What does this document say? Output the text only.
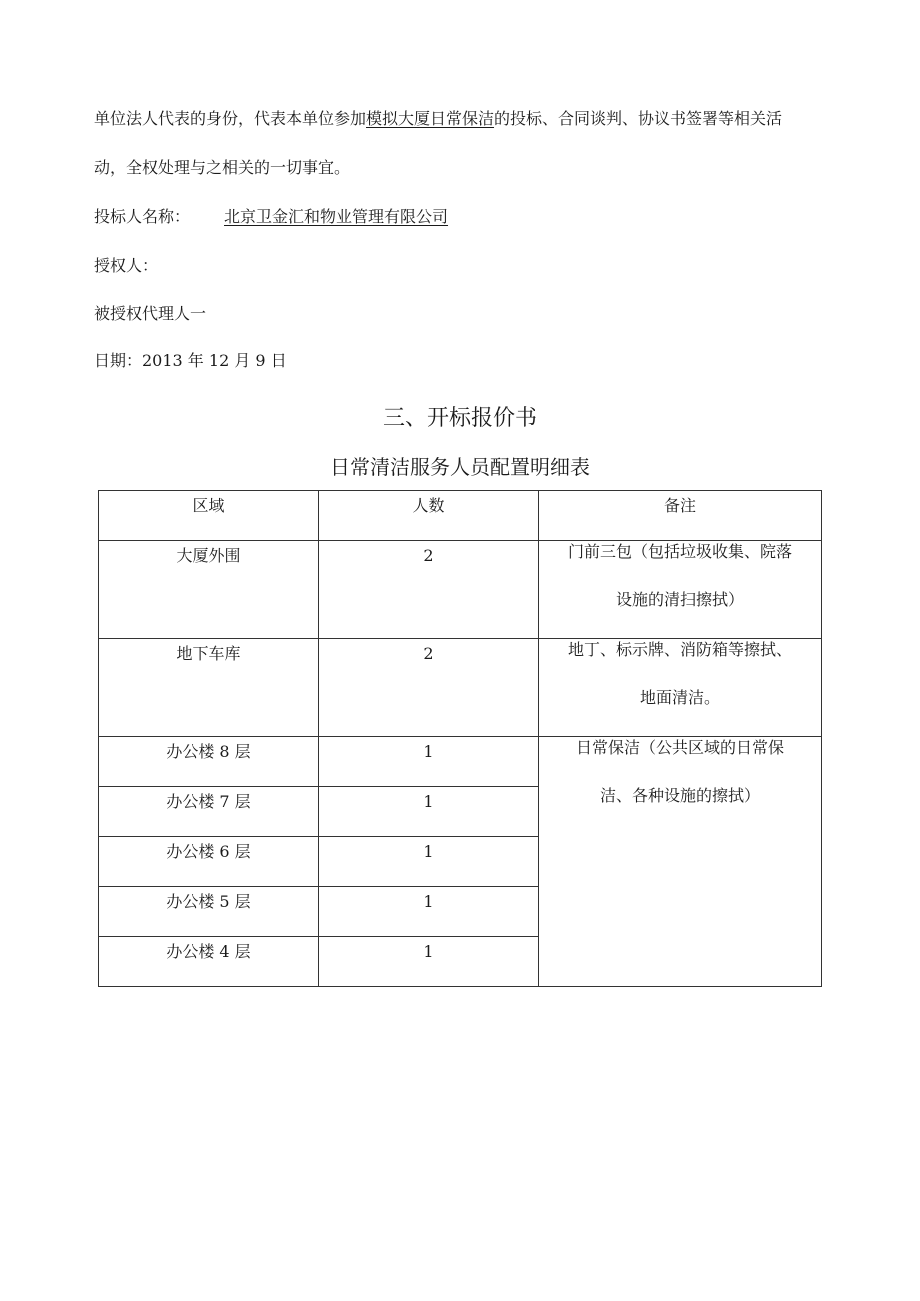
单位法人代表的身份，代表本单位参加模拟大厦日常保洁的投标、合同谈判、协议书签署等相关活
动，全权处理与之相关的一切事宜。
投标人名称： 北京卫金汇和物业管理有限公司
授权人：
被授权代理人一
日期：2013 年 12 月 9 日
三、开标报价书
日常清洁服务人员配置明细表
区域	人数	备注
大厦外围	2	门前三包（包括垃圾收集、院落
设施的清扫擦拭）

地下车库	2	地丁、标示牌、消防箱等擦拭、
地面清洁。

办公楼 8 层	1	日常保洁（公共区域的日常保
洁、各种设施的擦拭）

办公楼 7 层	1	
办公楼 6 层	1	
办公楼 5 层	1	
办公楼 4 层	1	
